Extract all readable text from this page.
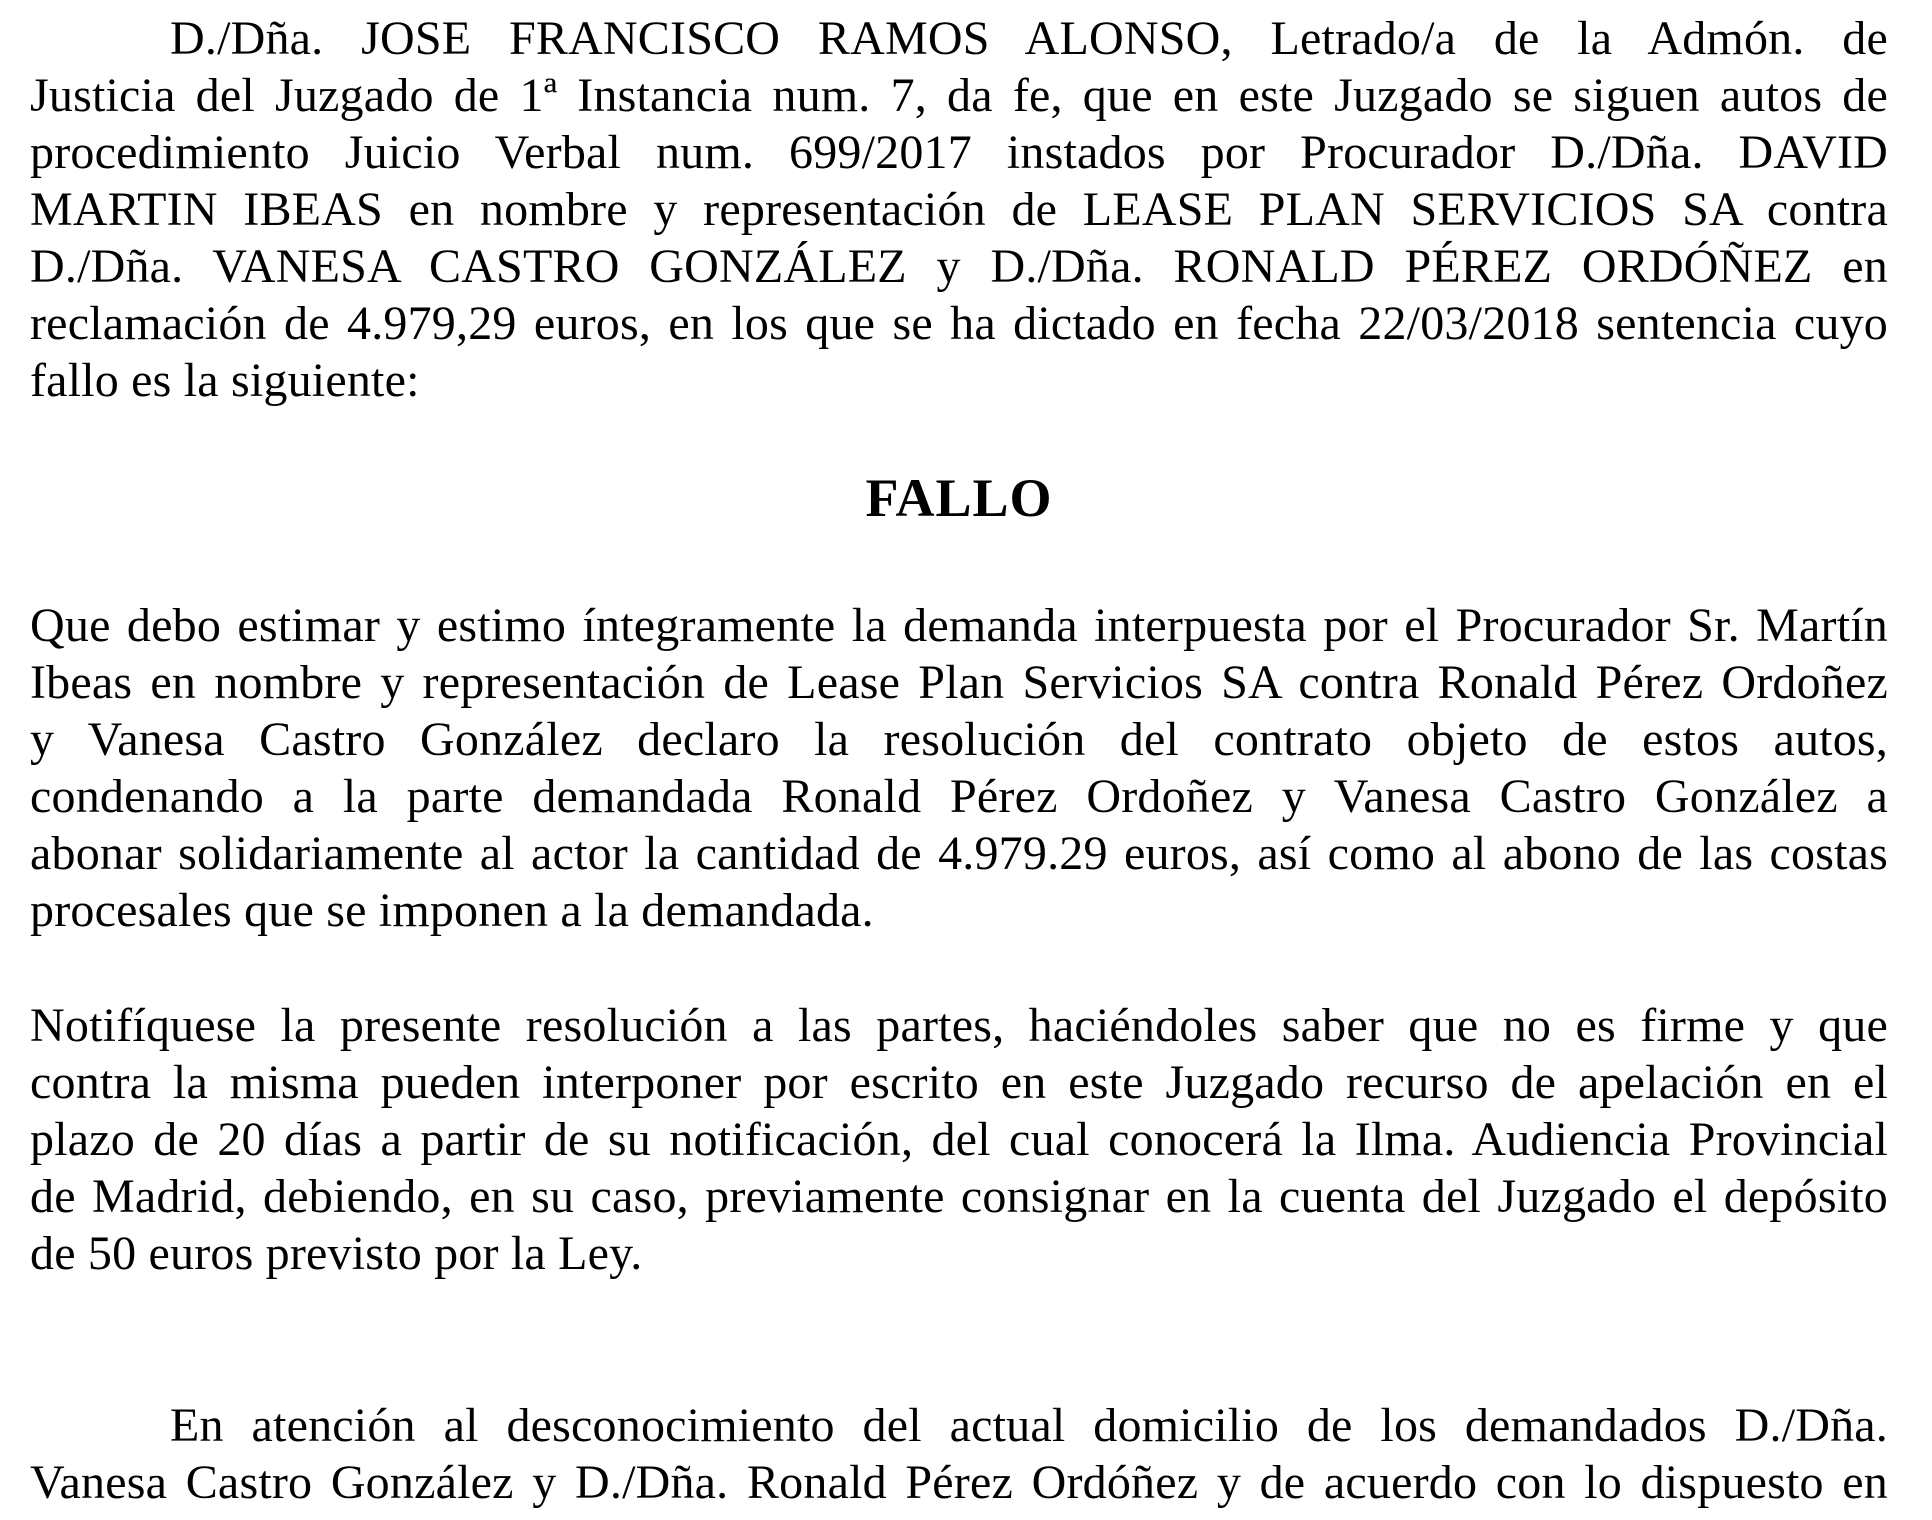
D./Dña. JOSE FRANCISCO RAMOS ALONSO, Letrado/a de la Admón. de
Justicia del Juzgado de 1ª Instancia num. 7, da fe, que en este Juzgado se siguen autos de
procedimiento Juicio Verbal num. 699/2017 instados por Procurador D./Dña. DAVID
MARTIN IBEAS en nombre y representación de LEASE PLAN SERVICIOS SA contra
D./Dña. VANESA CASTRO GONZÁLEZ y D./Dña. RONALD PÉREZ ORDÓÑEZ en
reclamación de 4.979,29 euros, en los que se ha dictado en fecha 22/03/2018 sentencia cuyo
fallo es la siguiente:
FALLO
Que debo estimar y estimo íntegramente la demanda interpuesta por el Procurador Sr. Martín
Ibeas en nombre y representación de Lease Plan Servicios SA contra Ronald Pérez Ordoñez
y Vanesa Castro González declaro la resolución del contrato objeto de estos autos,
condenando a la parte demandada Ronald Pérez Ordoñez y Vanesa Castro González a
abonar solidariamente al actor la cantidad de 4.979.29 euros, así como al abono de las costas
procesales que se imponen a la demandada.
Notifíquese la presente resolución a las partes, haciéndoles saber que no es firme y que
contra la misma pueden interponer por escrito en este Juzgado recurso de apelación en el
plazo de 20 días a partir de su notificación, del cual conocerá la Ilma. Audiencia Provincial
de Madrid, debiendo, en su caso, previamente consignar en la cuenta del Juzgado el depósito
de 50 euros previsto por la Ley.
En atención al desconocimiento del actual domicilio de los demandados D./Dña.
Vanesa Castro González y D./Dña. Ronald Pérez Ordóñez y de acuerdo con lo dispuesto en
